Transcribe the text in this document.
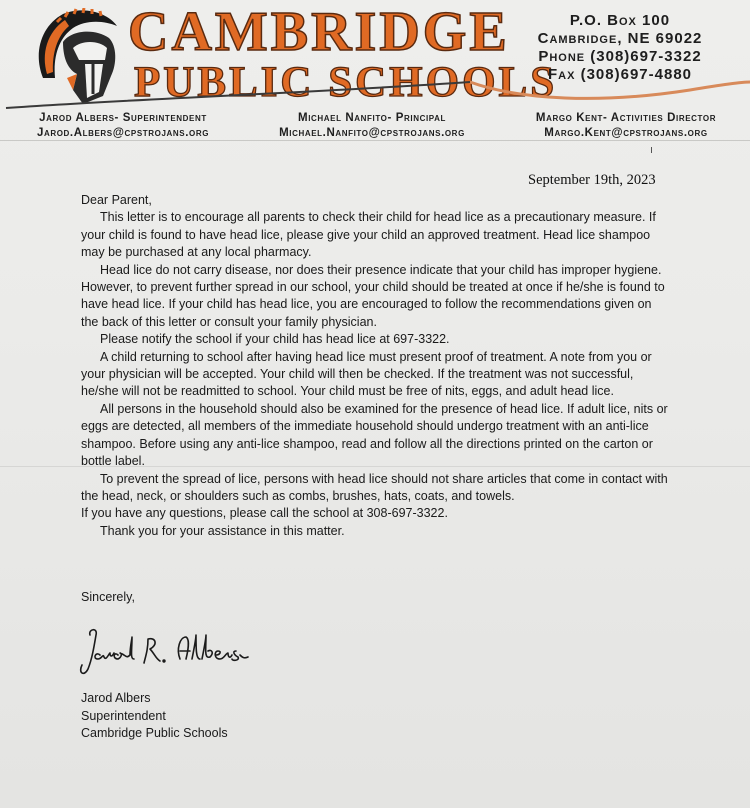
CAMBRIDGE
PUBLIC SCHOOLS
P.O. Box 100
Cambridge, NE 69022
Phone (308)697-3322
Fax (308)697-4880
Jarod Albers- Superintendent
Jarod.Albers@cpstrojans.org
Michael Nanfito- Principal
Michael.Nanfito@cpstrojans.org
Margo Kent- Activities Director
Margo.Kent@cpstrojans.org
September 19th, 2023

Dear Parent,

This letter is to encourage all parents to check their child for head lice as a precautionary measure. If your child is found to have head lice, please give your child an approved treatment. Head lice shampoo may be purchased at any local pharmacy.

Head lice do not carry disease, nor does their presence indicate that your child has improper hygiene. However, to prevent further spread in our school, your child should be treated at once if he/she is found to have head lice. If your child has head lice, you are encouraged to follow the recommendations given on the back of this letter or consult your family physician.

Please notify the school if your child has head lice at 697-3322.

A child returning to school after having head lice must present proof of treatment. A note from you or your physician will be accepted. Your child will then be checked. If the treatment was not successful, he/she will not be readmitted to school. Your child must be free of nits, eggs, and adult head lice.

All persons in the household should also be examined for the presence of head lice. If adult lice, nits or eggs are detected, all members of the immediate household should undergo treatment with an anti-lice shampoo. Before using any anti-lice shampoo, read and follow all the directions printed on the carton or bottle label.

To prevent the spread of lice, persons with head lice should not share articles that come in contact with the head, neck, or shoulders such as combs, brushes, hats, coats, and towels.

If you have any questions, please call the school at 308-697-3322.

Thank you for your assistance in this matter.

Sincerely,
Jarod Albers
Superintendent
Cambridge Public Schools
